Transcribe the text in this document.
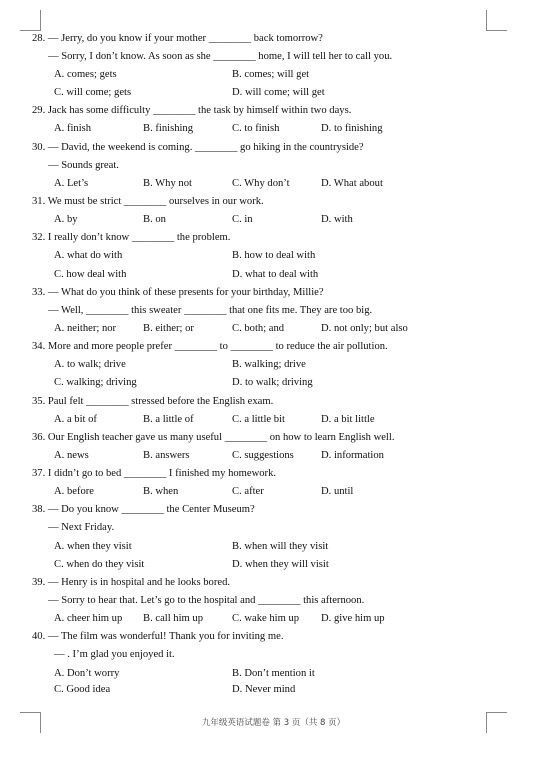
28. — Jerry, do you know if your mother ________ back tomorrow?
— Sorry, I don’t know. As soon as she ________ home, I will tell her to call you.
A. comes; gets	B. comes; will get
C. will come; gets	D. will come; will get
29. Jack has some difficulty ________ the task by himself within two days.
A. finish	B. finishing	C. to finish	D. to finishing
30. — David, the weekend is coming. ________ go hiking in the countryside?
— Sounds great.
A. Let’s	B. Why not	C. Why don’t	D. What about
31. We must be strict ________ ourselves in our work.
A. by	B. on	C. in	D. with
32. I really don’t know ________ the problem.
A. what do with	B. how to deal with
C. how deal with	D. what to deal with
33. — What do you think of these presents for your birthday, Millie?
— Well, ________ this sweater ________ that one fits me. They are too big.
A. neither; nor	B. either; or	C. both; and	D. not only; but also
34. More and more people prefer ________ to ________ to reduce the air pollution.
A. to walk; drive	B. walking; drive
C. walking; driving	D. to walk; driving
35. Paul felt ________ stressed before the English exam.
A. a bit of	B. a little of	C. a little bit	D. a bit little
36. Our English teacher gave us many useful ________ on how to learn English well.
A. news	B. answers	C. suggestions	D. information
37. I didn’t go to bed ________ I finished my homework.
A. before	B. when	C. after	D. until
38. — Do you know ________ the Center Museum?
— Next Friday.
A. when they visit	B. when will they visit
C. when do they visit	D. when they will visit
39. — Henry is in hospital and he looks bored.
— Sorry to hear that. Let’s go to the hospital and ________ this afternoon.
A. cheer him up B. call him up	C. wake him up D. give him up
40. — The film was wonderful! Thank you for inviting me.
— . I’m glad you enjoyed it.
A. Don’t worry	B. Don’t mention it
C. Good idea	D. Never mind
九年级英语试题卷 第 3 页（共 8 页）
